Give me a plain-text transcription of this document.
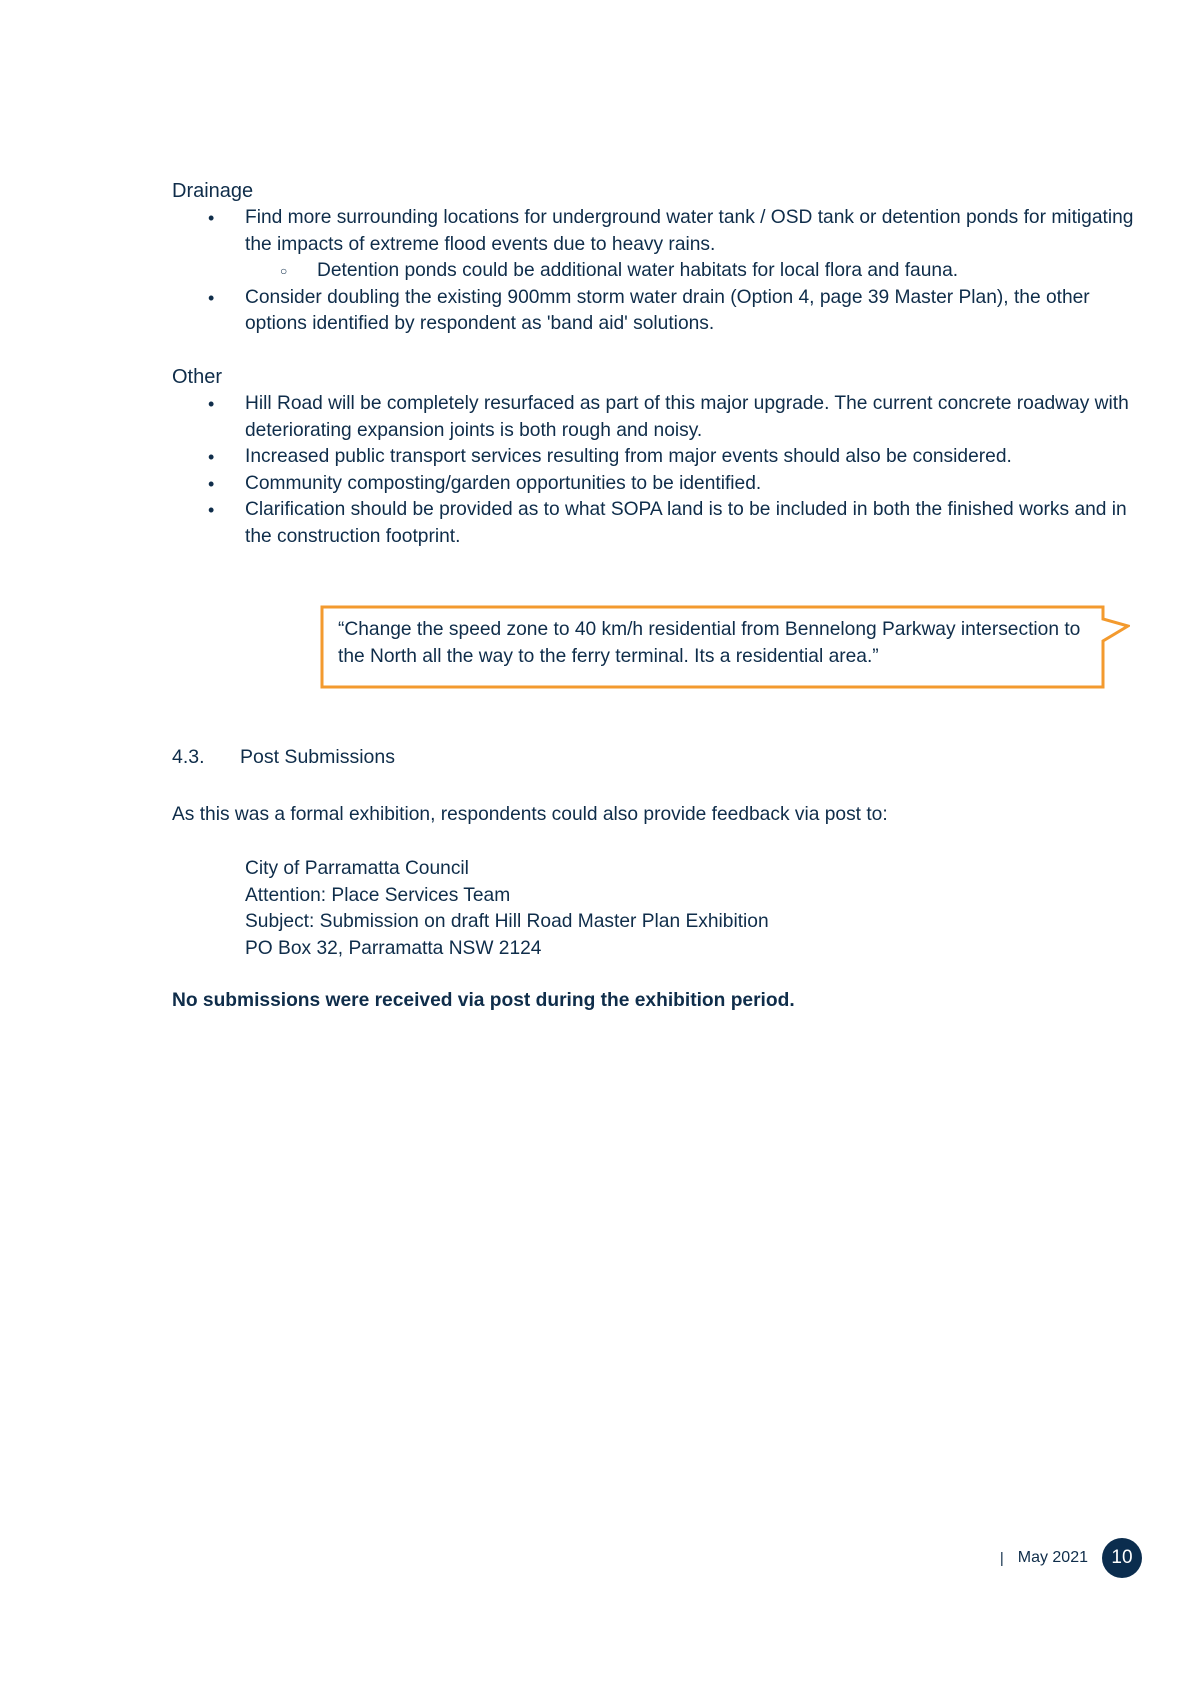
Drainage
• Find more surrounding locations for underground water tank / OSD tank or detention ponds for mitigating the impacts of extreme flood events due to heavy rains.
○ Detention ponds could be additional water habitats for local flora and fauna.
• Consider doubling the existing 900mm storm water drain (Option 4, page 39 Master Plan), the other options identified by respondent as 'band aid' solutions.
Other
• Hill Road will be completely resurfaced as part of this major upgrade. The current concrete roadway with deteriorating expansion joints is both rough and noisy.
• Increased public transport services resulting from major events should also be considered.
• Community composting/garden opportunities to be identified.
• Clarification should be provided as to what SOPA land is to be included in both the finished works and in the construction footprint.
“Change the speed zone to 40 km/h residential from Bennelong Parkway intersection to the North all the way to the ferry terminal. Its a residential area.”
4.3. Post Submissions

As this was a formal exhibition, respondents could also provide feedback via post to:

City of Parramatta Council
Attention: Place Services Team
Subject: Submission on draft Hill Road Master Plan Exhibition
PO Box 32, Parramatta NSW 2124

No submissions were received via post during the exhibition period.

| May 2021	10
